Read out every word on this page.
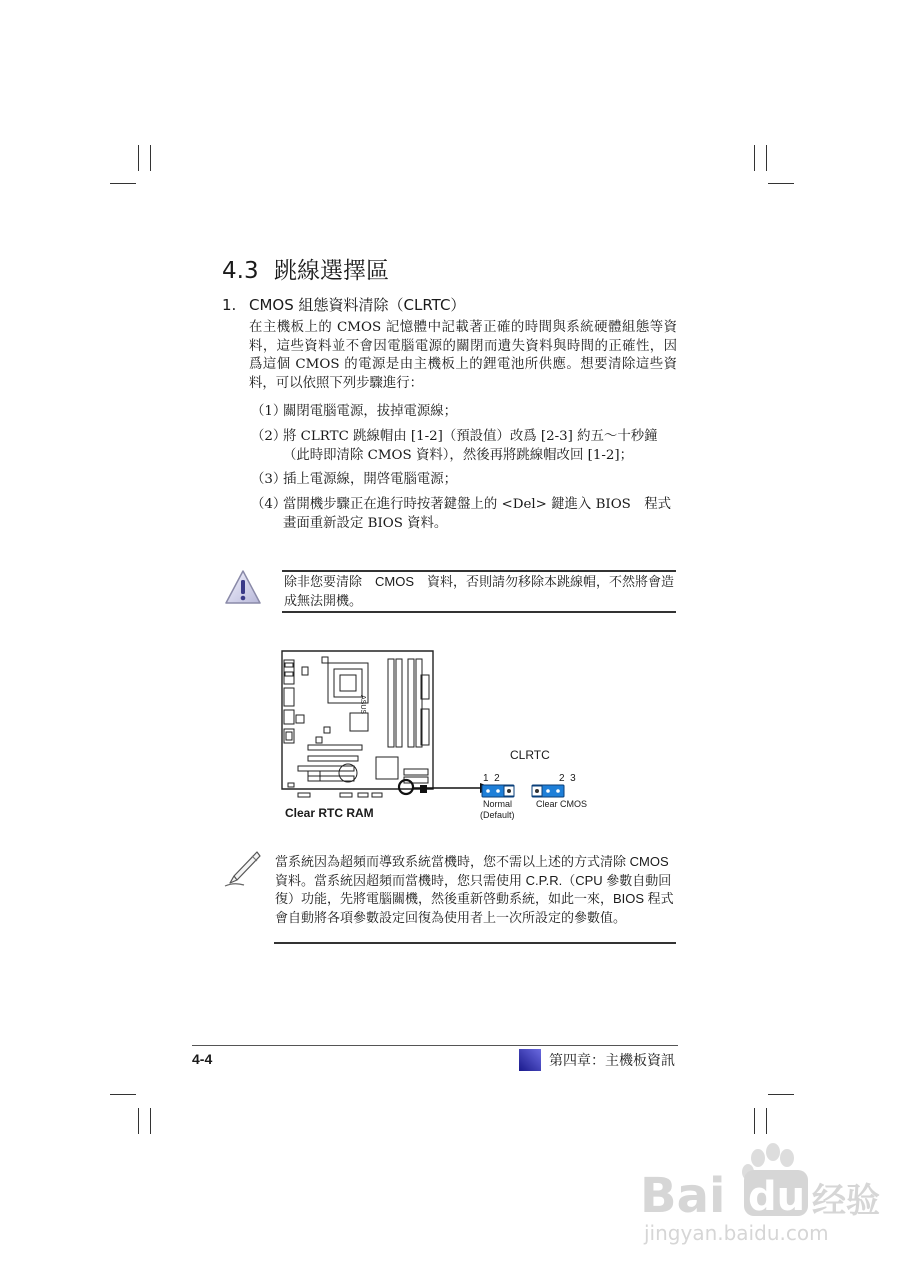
4.3 跳線選擇區
1. CMOS 組態資料清除（CLRTC）
在主機板上的 CMOS 記憶體中記載著正確的時間與系統硬體組態等資料，這些資料並不會因電腦電源的關閉而遺失資料與時間的正確性，因爲這個 CMOS 的電源是由主機板上的鋰電池所供應。想要清除這些資料，可以依照下列步驟進行：
（1）
關閉電腦電源，拔掉電源線；
（2）
將 CLRTC 跳線帽由 [1-2]（預設值）改爲 [2-3] 約五～十秒鐘（此時即清除 CMOS 資料），然後再將跳線帽改回 [1-2]；
（3）
插上電源線，開啓電腦電源；
（4）
當開機步驟正在進行時按著鍵盤上的 <Del> 鍵進入 BIOS　程式畫面重新設定 BIOS 資料。
除非您要清除　CMOS　資料，否則請勿移除本跳線帽，不然將會造成無法開機。
ASUS
CLRTC
1  2	2  3
Normal
(Default)
Clear CMOS
Clear RTC RAM
當系統因為超頻而導致系統當機時，您不需以上述的方式清除 CMOS 資料。當系統因超頻而當機時，您只需使用 C.P.R.（CPU 參數自動回復）功能，先將電腦關機，然後重新啓動系統，如此一來，BIOS 程式會自動將各項參數設定回復為使用者上一次所設定的參數值。
4-4	第四章：主機板資訊
Bai du 经验
jingyan.baidu.com
